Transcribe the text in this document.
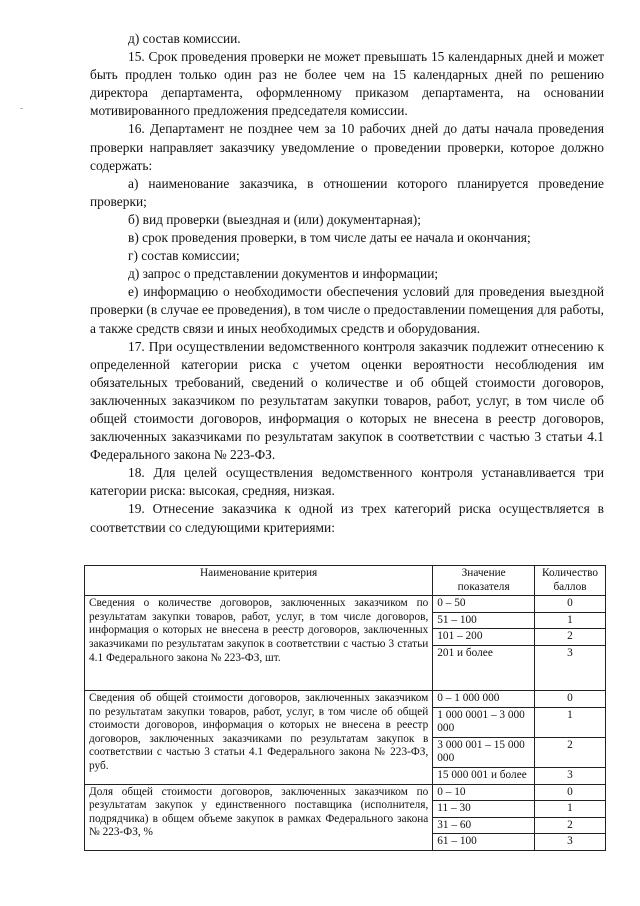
д) состав комиссии.

15. Срок проведения проверки не может превышать 15 календарных дней и может быть продлен только один раз не более чем на 15 календарных дней по решению директора департамента, оформленному приказом департамента, на основании мотивированного предложения председателя комиссии.

16. Департамент не позднее чем за 10 рабочих дней до даты начала проведения проверки направляет заказчику уведомление о проведении проверки, которое должно содержать:

а) наименование заказчика, в отношении которого планируется проведение проверки;

б) вид проверки (выездная и (или) документарная);

в) срок проведения проверки, в том числе даты ее начала и окончания;

г) состав комиссии;

д) запрос о представлении документов и информации;

е) информацию о необходимости обеспечения условий для проведения выездной проверки (в случае ее проведения), в том числе о предоставлении помещения для работы, а также средств связи и иных необходимых средств и оборудования.

17. При осуществлении ведомственного контроля заказчик подлежит отнесению к определенной категории риска с учетом оценки вероятности несоблюдения им обязательных требований, сведений о количестве и об общей стоимости договоров, заключенных заказчиком по результатам закупки товаров, работ, услуг, в том числе об общей стоимости договоров, информация о которых не внесена в реестр договоров, заключенных заказчиками по результатам закупок в соответствии с частью 3 статьи 4.1 Федерального закона № 223-ФЗ.

18. Для целей осуществления ведомственного контроля устанавливается три категории риска: высокая, средняя, низкая.

19. Отнесение заказчика к одной из трех категорий риска осуществляется в соответствии со следующими критериями:

Наименование критерия	Значение показателя	Количество баллов
Сведения о количестве договоров, заключенных заказчиком по результатам закупки товаров, работ, услуг, в том числе договоров, информация о которых не внесена в реестр договоров, заключенных заказчиками по результатам закупок в соответствии с частью 3 статьи 4.1 Федерального закона № 223-ФЗ, шт.	0 – 50	0
	51 – 100	1
	101 – 200	2
	201 и более	3
Сведения об общей стоимости договоров, заключенных заказчиком по результатам закупки товаров, работ, услуг, в том числе об общей стоимости договоров, информация о которых не внесена в реестр договоров, заключенных заказчиками по результатам закупок в соответствии с частью 3 статьи 4.1 Федерального закона № 223-ФЗ, руб.	0 – 1 000 000	0
	1 000 0001 – 3 000 000	1
	3 000 001 – 15 000 000	2
	15 000 001 и более	3
Доля общей стоимости договоров, заключенных заказчиком по результатам закупок у единственного поставщика (исполнителя, подрядчика) в общем объеме закупок в рамках Федерального закона № 223-ФЗ, %	0 – 10	0
	11 – 30	1
	31 – 60	2
	61 – 100	3
